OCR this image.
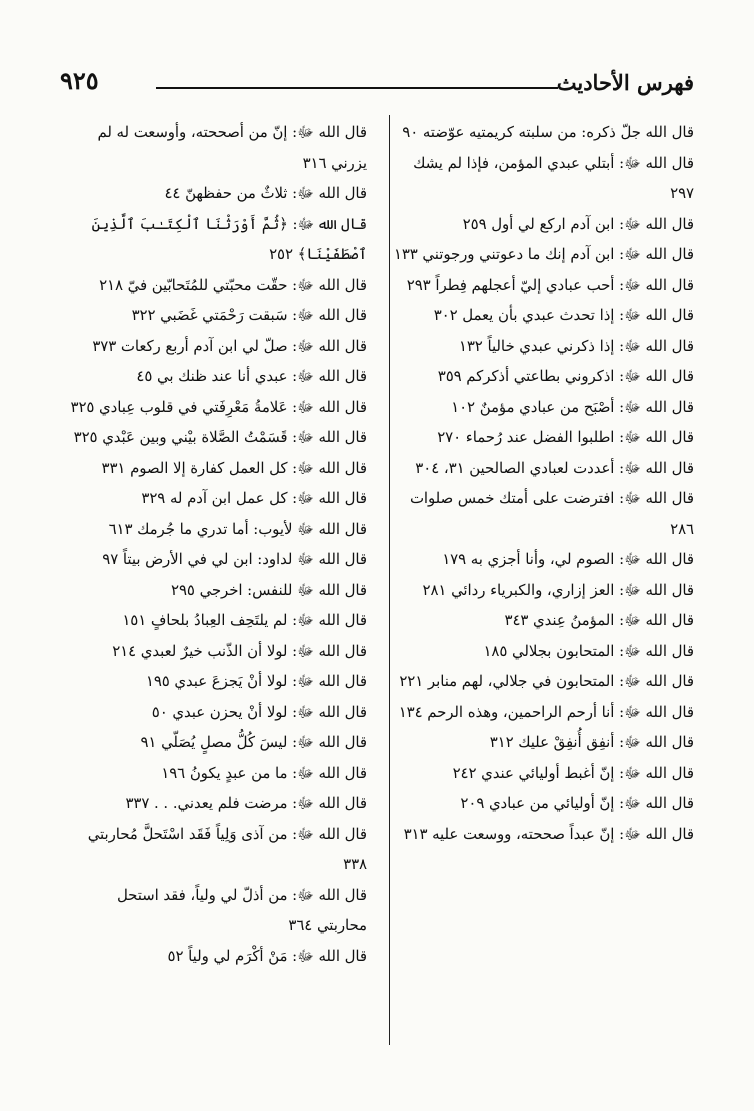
فهرس الأحاديث
٩٢٥

قال الله جلّ ذكره: من سلبته كريمتيه عوّضته ٩٠

قال الله ﷻ: أبتلي عبدي المؤمن، فإذا لم يشك ٢٩٧

قال الله ﷻ: ابن آدم اركع لي أول ٢٥٩

قال الله ﷻ: ابن آدم إنك ما دعوتني ورجوتني ١٣٣

قال الله ﷻ: أحب عبادي إليّ أعجلهم فِطراً ٢٩٣

قال الله ﷻ: إذا تحدث عبدي بأن يعمل ٣٠٢

قال الله ﷻ: إذا ذكرني عبدي خالياً ١٣٢

قال الله ﷻ: اذكروني بطاعتي أذكركم ٣٥٩

قال الله ﷻ: أصْبَح من عبادي مؤمنٌ ١٠٢

قال الله ﷻ: اطلبوا الفضل عند رُحماء ٢٧٠

قال الله ﷻ: أعددت لعبادي الصالحين ٣١، ٣٠٤

قال الله ﷻ: افترضت على أمتك خمس صلوات ٢٨٦

قال الله ﷻ: الصوم لي، وأنا أجزي به ١٧٩

قال الله ﷻ: العز إزاري، والكبرياء ردائي ٢٨١

قال الله ﷻ: المؤمنُ عِندي ٣٤٣

قال الله ﷻ: المتحابون بجلالي ١٨٥

قال الله ﷻ: المتحابون في جلالي، لهم منابر ٢٢١

قال الله ﷻ: أنا أرحم الراحمين، وهذه الرحم ١٣٤

قال الله ﷻ: أنفِق أُنفِقْ عليك ٣١٢

قال الله ﷻ: إنّ أغبط أوليائي عندي ٢٤٢

قال الله ﷻ: إنّ أوليائي من عبادي ٢٠٩

قال الله ﷻ: إنّ عبداً صححته، ووسعت عليه ٣١٣

قال الله ﷻ: إنّ من أصححته، وأوسعت له لم يزرني ٣١٦

قال الله ﷻ: ثلاثٌ من حفظهنّ ٤٤

قال الله ﷻ: ﴿ثُمَّ أَوْرَثْنَا ٱلْكِتَـٰبَ ٱلَّذِينَ ٱصْطَفَيْنَا﴾ ٢٥٢

قال الله ﷻ: حقّت محبّتي للمُتَحابّين فيّ ٢١٨

قال الله ﷻ: سَبقت رَحْمَتي غَضَبي ٣٢٢

قال الله ﷻ: صلّ لي ابن آدم أربع ركعات ٣٧٣

قال الله ﷻ: عبدي أنا عند ظنك بي ٤٥

قال الله ﷻ: عَلامةُ مَعْرِفَتي في قلوب عِبادي ٣٢٥

قال الله ﷻ: قَسَمْتُ الصَّلاة بيْني وبين عَبْدي ٣٢٥

قال الله ﷻ: كل العمل كفارة إلا الصوم ٣٣١

قال الله ﷻ: كل عمل ابن آدم له ٣٢٩

قال الله ﷻ لأيوب: أما تدري ما جُرمك ٦١٣

قال الله ﷻ لداود: ابن لي في الأرض بيتاً ٩٧

قال الله ﷻ للنفس: اخرجي ٢٩٥

قال الله ﷻ: لم يلتَحِف العِبادُ بلحافٍ ١٥١

قال الله ﷻ: لولا أن الذّنب خيرٌ لعبدي ٢١٤

قال الله ﷻ: لولا أنْ يَجزعَ عبدي ١٩٥

قال الله ﷻ: لولا أنْ يحزن عبدي ٥٠

قال الله ﷻ: ليسَ كُلُّ مصلٍ يُصَلّي ٩١

قال الله ﷻ: ما من عبدٍ يكونُ ١٩٦

قال الله ﷻ: مرضت فلم يعدني. . . ٣٣٧

قال الله ﷻ: من آذى وَلِياً فَقَد اسْتَحلَّ مُحاربتي ٣٣٨

قال الله ﷻ: من أذلّ لي ولياً، فقد استحل محاربتي ٣٦٤

قال الله ﷻ: مَنْ أكْرَم لي ولياً ٥٢
